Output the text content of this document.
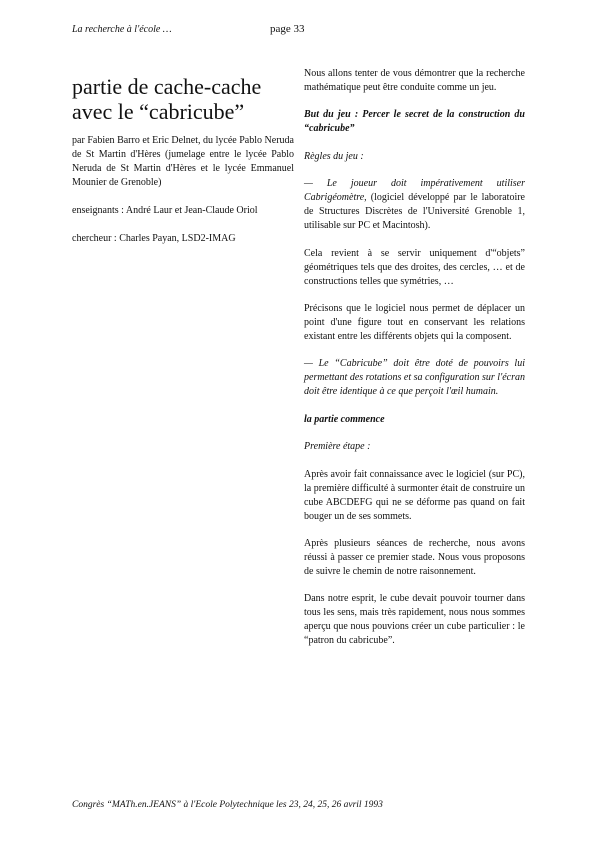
La recherche à l'école …	page 33
partie de cache-cache
avec le “cabricube”

par Fabien Barro et Eric Delnet, du lycée Pablo Neruda de St Martin d'Hères (jumelage entre le lycée Pablo Neruda de St Martin d'Hères et le lycée Emmanuel Mounier de Grenoble)

enseignants : André Laur et Jean-Claude Oriol

chercheur : Charles Payan, LSD2-IMAG

Nous allons tenter de vous démontrer que la recherche mathématique peut être conduite comme un jeu.

But du jeu : Percer le secret de la construction du “cabricube”

Règles du jeu :

— Le joueur doit impérativement utiliser Cabrigéomètre, (logiciel développé par le laboratoire de Structures Discrètes de l'Université Grenoble 1, utilisable sur PC et Macintosh).

Cela revient à se servir uniquement d'“objets” géométriques tels que des droites, des cercles, … et de constructions telles que symétries, …

Précisons que le logiciel nous permet de déplacer un point d'une figure tout en conservant les relations existant entre les différents objets qui la composent.

— Le “Cabricube” doit être doté de pouvoirs lui permettant des rotations et sa configuration sur l'écran doit être identique à ce que perçoit l'œil humain.

la partie commence

Première étape :

Après avoir fait connaissance avec le logiciel (sur PC), la première difficulté à surmonter était de construire un cube ABCDEFG qui ne se déforme pas quand on fait bouger un de ses sommets.

Après plusieurs séances de recherche, nous avons réussi à passer ce premier stade. Nous vous proposons de suivre le chemin de notre raisonnement.

Dans notre esprit, le cube devait pouvoir tourner dans tous les sens, mais très rapidement, nous nous sommes aperçu que nous pouvions créer un cube particulier : le “patron du cabricube”.

Congrès “MATh.en.JEANS” à l'Ecole Polytechnique les 23, 24, 25, 26 avril 1993
